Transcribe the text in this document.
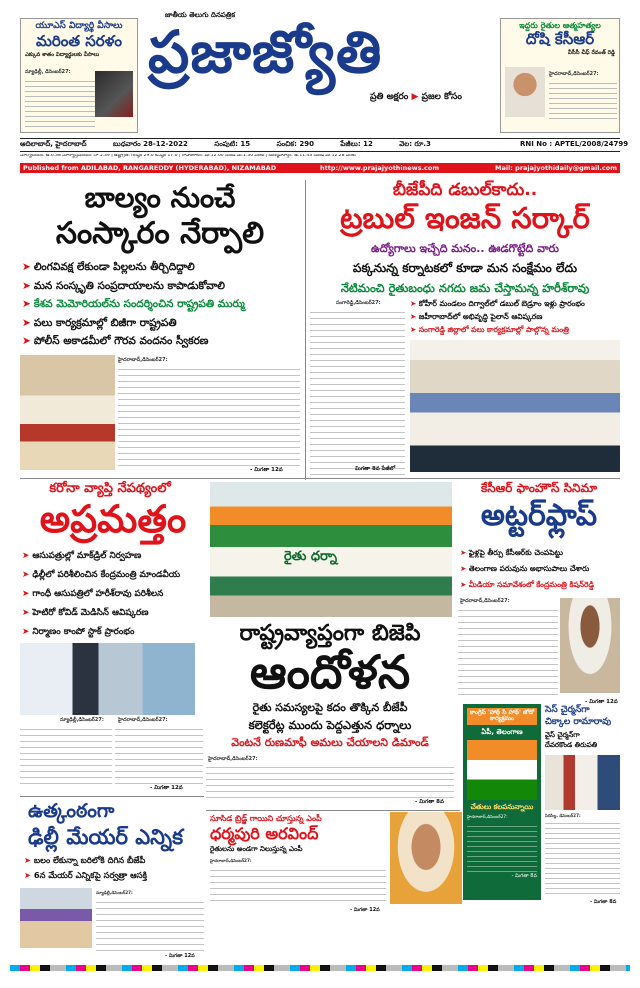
యూఎస్ విద్యార్థి వీసాలు
మరింత సరళం
ఎక్కువ శాతం విద్యార్థులకు వీసాలు
న్యూఢిల్లీ, డిసెంబర్27:
జాతీయ తెలుగు దినపత్రిక
ప్రజాజ్యోతి
ప్రతి అక్షరం ▶ ప్రజల కోసం
ఇద్దరు రైతుల ఆత్మహత్యల
దోషి కేసీఆర్
వీసీసీ చీఫ్ రేవంత్ రెడ్డి
హైదరాబాద్,డిసెంబర్27:
ఆదిలాబాద్, హైదరాబాద్	బుధవారం 28-12-2022	సంపుటి: 15	సంచిక: 290	పేజీలు: 12	వెల: రూ.3	RNI No : APTEL/2008/24799
సూర్యోదయం: ఉ.6.38 సూర్యాస్తమయం: సా.5.39 | ఉష్ణోగ్రత: గరిష్ఠం 29.0 కనిష్ఠం 17.0 | రాహుకాలం: మ.12.00 నుండి మ.1.30 వరకు | దుర్ముహూర్తం: ఉ.11.43 నుండి మ.12.28 వరకు
Published from ADILABAD, RANGAREDDY (HYDERABAD), NIZAMABAD	http://www.prajajyothinews.com	Mail: prajajyothidaily@gmail.com
బాల్యం నుంచే
సంస్కారం నేర్పాలి
➤ లింగవివక్ష లేకుండా పిల్లలను తీర్చిదిద్దాలి
➤ మన సంస్కృతి సంప్రదాయాలను కాపాడుకోవాలి
➤ కేశవ మెమోరియల్‌ను సందర్శించిన రాష్ట్రపతి ముర్ము
➤ పలు కార్యక్రమాల్లో బిజీగా రాష్ట్రపతి
➤ పోలీస్ అకాడమీలో గౌరవ వందనం స్వీకరణ
హైదరాబాద్,డిసెంబర్27:
- మిగతా 12వ
బీజేపీది డబుల్‌కాదు..
ట్రబుల్ ఇంజన్ సర్కార్
ఉద్యోగాలు ఇచ్చేది మనం.. ఊడగొట్టేది వారు
పక్కనున్న కర్నాటకలో కూడా మన సంక్షేమం లేదు
నేటిమంచి రైతుబంధు నగదు జమ చేస్తామన్న హరీశ్‌రావు
సంగారెడ్డి,డిసెంబర్27:	➤ కోహీర్ మండలం దిగ్వాల్‌లో డబుల్ బెడ్రూం ఇళ్లు ప్రారంభం
➤ జహీరాబాద్‌లో అభివృద్ధి పైలాన్ ఆవిష్కరణ
➤ సంగారెడ్డి జిల్లాలో పలు కార్యక్రమాల్లో పాల్గొన్న మంత్రి
మిగతా 8వ పేజీలో
కరోనా వ్యాప్తి నేపథ్యంలో
అప్రమత్తం
➤ ఆసుపత్రుల్లో మాక్‌డ్రిల్ నిర్వహణ
➤ ఢిల్లీలో పరిశీలించిన కేంద్రమంత్రి మాండవీయ
➤ గాంధీ ఆసుపత్రిలో హరీశ్‌రావు పరిశీలన
➤ హెటిరో కోవిడ్ మెడిసిన్ ఆవిష్కరణ
➤ నిర్మాణం కాంపో స్టాక్ ప్రారంభం
న్యూఢిల్లీ,డిసెంబర్27:	హైదరాబాద్,డిసెంబర్27:
- మిగతా 12వ
రైతు ధర్నా
రాష్ట్రవ్యాప్తంగా బిజెపి
ఆందోళన
రైతు సమస్యలపై కదం తొక్కిన బీజేపీ
కలెక్టరేట్ల ముందు పెద్దఎత్తున ధర్నాలు
వెంటనే రుణమాఫీ అమలు చేయాలని డిమాండ్
హైదరాబాద్,డిసెంబర్27:
- మిగతా 8వ
కేసీఆర్ ఫాంహౌస్ సినిమా
అట్టర్‌ఫ్లాప్
➤ ఫైళ్లపై తీర్పు కేసీఆర్‌కు చెంపపెట్టు
➤ తెలంగాణ పరువును అభాసుపాలు చేశారు
➤ మీడియా సమావేశంలో కేంద్రమంత్రి కిషన్‌రెడ్డి
హైదరాబాద్,డిసెంబర్27:
- మిగతా 12వ
కాంగ్రెస్ 'హాథ్ సే హాథ్' జోడో కార్యక్రమం
ఏపీ, తెలంగాణ
చేతులు కలపనున్నాయి
హైదరాబాద్,డిసెంబర్27:
- మిగతా 8వ
సెస్ చైర్మన్‌గా
చిక్కాల రామారావు
వైస్ చైర్మన్‌గా
దేవరకొండ తిరుపతి
సిరిసిల్ల, డిసెంబర్27:
- మిగతా 8వ
ఉత్కంఠంగా
ఢిల్లీ మేయర్ ఎన్నిక
➤ బలం లేకున్నా బరిలోకి దిగిన బీజేపీ
➤ 6న మేయర్ ఎన్నికపై సర్వత్రా ఆసక్తి
న్యూఢిల్లీ,డిసెంబర్27:
- మిగతా 12వ
సూసిడ బ్రిడ్జ్ గాయిని చూస్తున్న ఎంపీ
ధర్మపురి అరవింద్
రైతులను అండగా నిలుస్తున్న ఎంపీ
హైదరాబాద్,డిసెంబర్27:
- మిగతా 12వ
